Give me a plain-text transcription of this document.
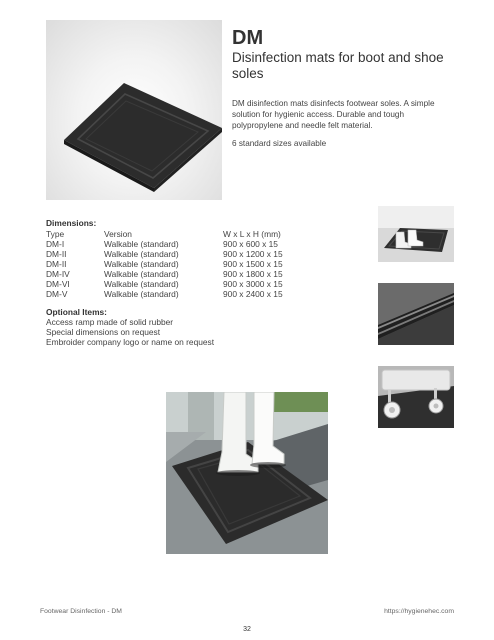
DM
Disinfection mats for boot and shoe soles

DM disinfection mats disinfects footwear soles. A simple solution for hygienic access. Durable and tough polypropylene and needle felt material.

6 standard sizes available

Dimensions:
Type	Version	W x L x H (mm)
DM-I	Walkable (standard)	900 x 600 x 15
DM-II	Walkable (standard)	900 x 1200 x 15
DM-II	Walkable (standard)	900 x 1500 x 15
DM-IV	Walkable (standard)	900 x 1800 x 15
DM-VI	Walkable (standard)	900 x 3000 x 15
DM-V	Walkable (standard)	900 x 2400 x 15
Optional Items:
Access ramp made of solid rubber
Special dimensions on request
Embroider company logo or name on request
Footwear Disinfection - DM	https://hygienehec.com
32
